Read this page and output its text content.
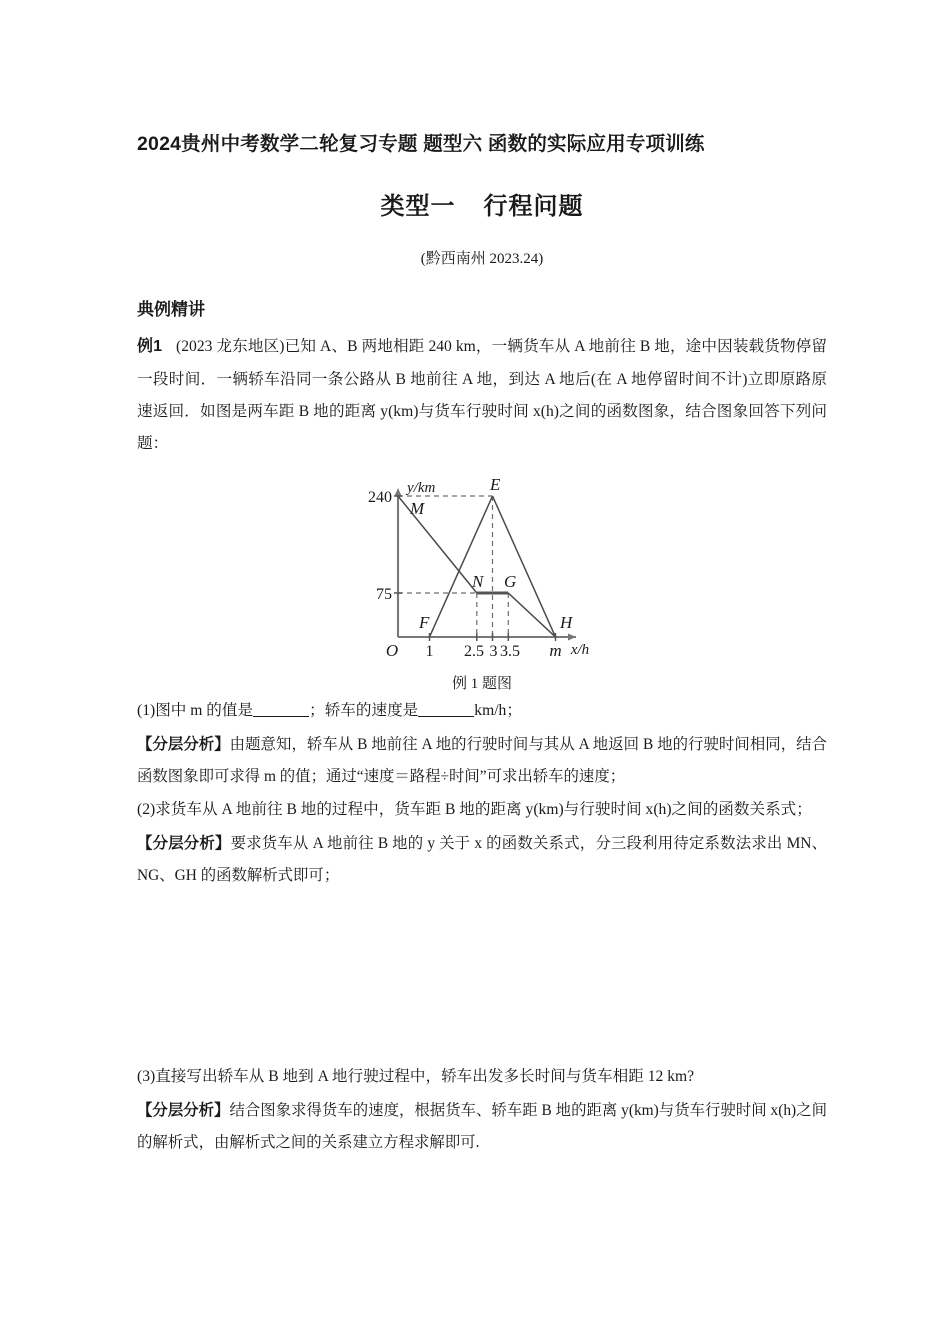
2024贵州中考数学二轮复习专题 题型六 函数的实际应用专项训练
类型一 行程问题
(黔西南州 2023.24)
典例精讲
例1 (2023 龙东地区)已知 A、B 两地相距 240 km，一辆货车从 A 地前往 B 地，途中因装载货物停留一段时间．一辆轿车沿同一条公路从 B 地前往 A 地，到达 A 地后(在 A 地停留时间不计)立即原路原速返回．如图是两车距 B 地的距离 y(km)与货车行驶时间 x(h)之间的函数图象，结合图象回答下列问题：
240
75
1 2.5 3 3.5 m
O
y/km
x/h
M
E
N G
F	H
例 1 题图
(1)图中 m 的值是	；轿车的速度是	km/h；
【分层分析】由题意知，轿车从 B 地前往 A 地的行驶时间与其从 A 地返回 B 地的行驶时间相同，结合函数图象即可求得 m 的值；通过“速度＝路程÷时间”可求出轿车的速度；
(2)求货车从 A 地前往 B 地的过程中，货车距 B 地的距离 y(km)与行驶时间 x(h)之间的函数关系式；
【分层分析】要求货车从 A 地前往 B 地的 y 关于 x 的函数关系式，分三段利用待定系数法求出 MN、NG、GH 的函数解析式即可；
(3)直接写出轿车从 B 地到 A 地行驶过程中，轿车出发多长时间与货车相距 12 km?
【分层分析】结合图象求得货车的速度，根据货车、轿车距 B 地的距离 y(km)与货车行驶时间 x(h)之间的解析式，由解析式之间的关系建立方程求解即可.
